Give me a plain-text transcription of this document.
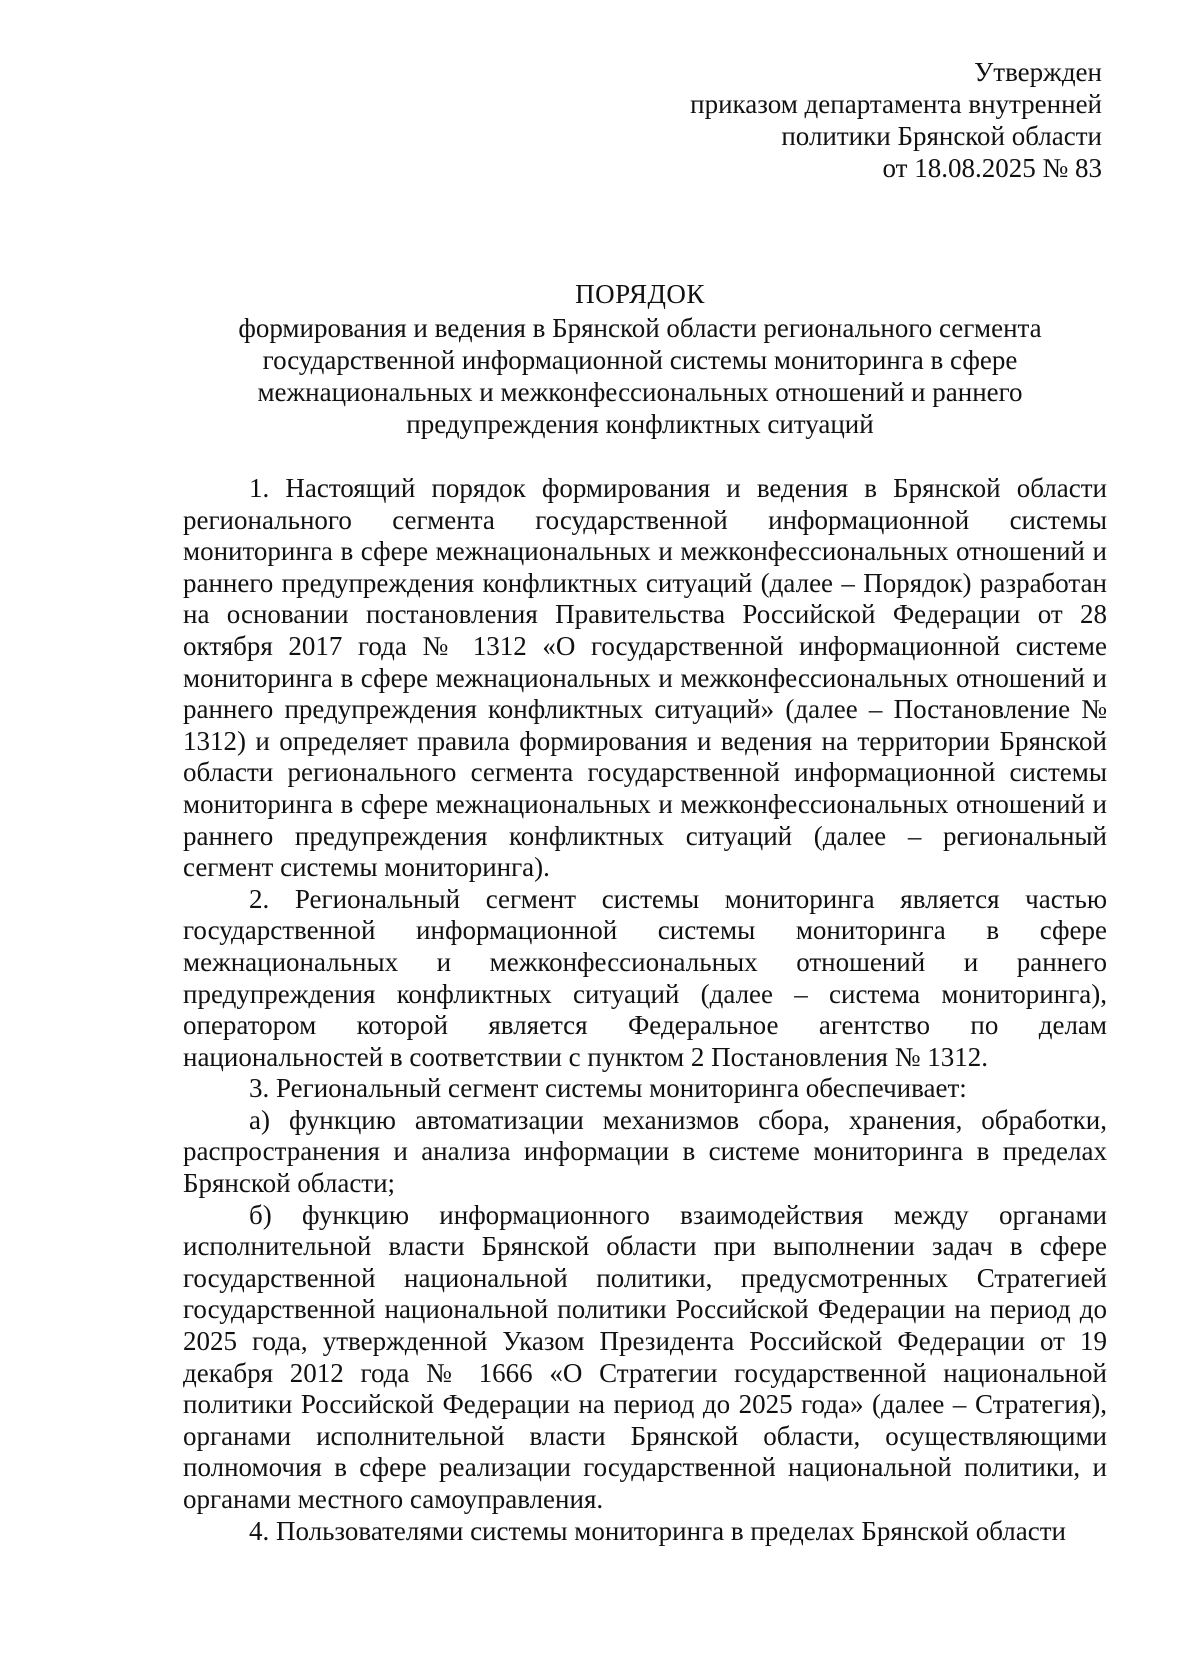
Утвержден
приказом департамента внутренней
политики Брянской области
от 18.08.2025 № 83
ПОРЯДОК
формирования и ведения в Брянской области регионального сегмента
государственной информационной системы мониторинга в сфере
межнациональных и межконфессиональных отношений и раннего
предупреждения конфликтных ситуаций

1. Настоящий порядок формирования и ведения в Брянской области регионального сегмента государственной информационной системы мониторинга в сфере межнациональных и межконфессиональных отношений и раннего предупреждения конфликтных ситуаций (далее – Порядок) разработан на основании постановления Правительства Российской Федерации от 28 октября 2017 года № 1312 «О государственной информационной системе мониторинга в сфере межнациональных и межконфессиональных отношений и раннего предупреждения конфликтных ситуаций» (далее – Постановление № 1312) и определяет правила формирования и ведения на территории Брянской области регионального сегмента государственной информационной системы мониторинга в сфере межнациональных и межконфессиональных отношений и раннего предупреждения конфликтных ситуаций (далее – региональный сегмент системы мониторинга).

2. Региональный сегмент системы мониторинга является частью государственной информационной системы мониторинга в сфере межнациональных и межконфессиональных отношений и раннего предупреждения конфликтных ситуаций (далее – система мониторинга), оператором которой является Федеральное агентство по делам национальностей в соответствии с пунктом 2 Постановления № 1312.

3. Региональный сегмент системы мониторинга обеспечивает:

а) функцию автоматизации механизмов сбора, хранения, обработки, распространения и анализа информации в системе мониторинга в пределах Брянской области;

б) функцию информационного взаимодействия между органами исполнительной власти Брянской области при выполнении задач в сфере государственной национальной политики, предусмотренных Стратегией государственной национальной политики Российской Федерации на период до 2025 года, утвержденной Указом Президента Российской Федерации от 19 декабря 2012 года № 1666 «О Стратегии государственной национальной политики Российской Федерации на период до 2025 года» (далее – Стратегия), органами исполнительной власти Брянской области, осуществляющими полномочия в сфере реализации государственной национальной политики, и органами местного самоуправления.

4. Пользователями системы мониторинга в пределах Брянской области
